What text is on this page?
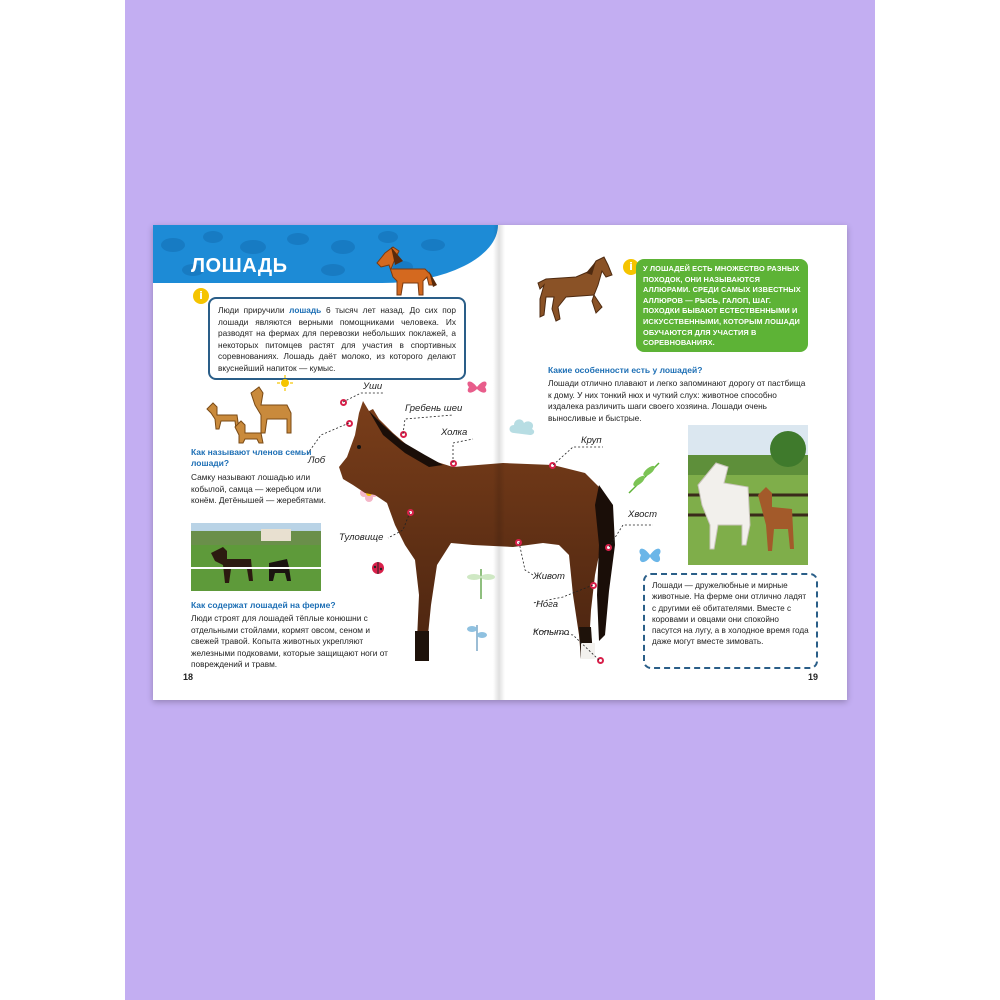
ЛОШАДЬ
i
Люди приручили лошадь 6 тысяч лет назад. До сих пор лошади являются верными помощниками человека. Их разводят на фермах для перевозки небольших поклажей, а некоторых питомцев растят для участия в спортивных соревнованиях. Лошадь даёт молоко, из которого делают вкуснейший напиток — кумыс.
Как называют членов семьи лошади?
Самку называют лошадью или кобылой, самца — жеребцом или конём. Детёнышей — жеребятами.
Как содержат лошадей на ферме?
Люди строят для лошадей тёплые конюшни с отдельными стойлами, кормят овсом, сеном и свежей травой. Копыта животных укрепляют железными подковами, которые защищают ноги от повреждений и травм.
18
Уши
Гребень шеи
Холка
Лоб
Круп
Туловище
Хвост
Живот
Нога
Копыто
i	У ЛОШАДЕЙ ЕСТЬ МНОЖЕСТВО РАЗНЫХ ПОХОДОК, ОНИ НАЗЫВАЮТСЯ АЛЛЮРАМИ. СРЕДИ САМЫХ ИЗВЕСТНЫХ АЛЛЮРОВ — РЫСЬ, ГАЛОП, ШАГ. ПОХОДКИ БЫВАЮТ ЕСТЕСТВЕННЫМИ И ИСКУССТВЕННЫМИ, КОТОРЫМ ЛОШАДИ ОБУЧАЮТСЯ ДЛЯ УЧАСТИЯ В СОРЕВНОВАНИЯХ.
Какие особенности есть у лошадей?
Лошади отлично плавают и легко запоминают дорогу от пастбища к дому. У них тонкий нюх и чуткий слух: животное способно издалека различить шаги своего хозяина. Лошади очень выносливые и быстрые.
Лошади — дружелюбные и мирные животные. На ферме они отлично ладят с другими её обитателями. Вместе с коровами и овцами они спокойно пасутся на лугу, а в холодное время года даже могут вместе зимовать.
19
